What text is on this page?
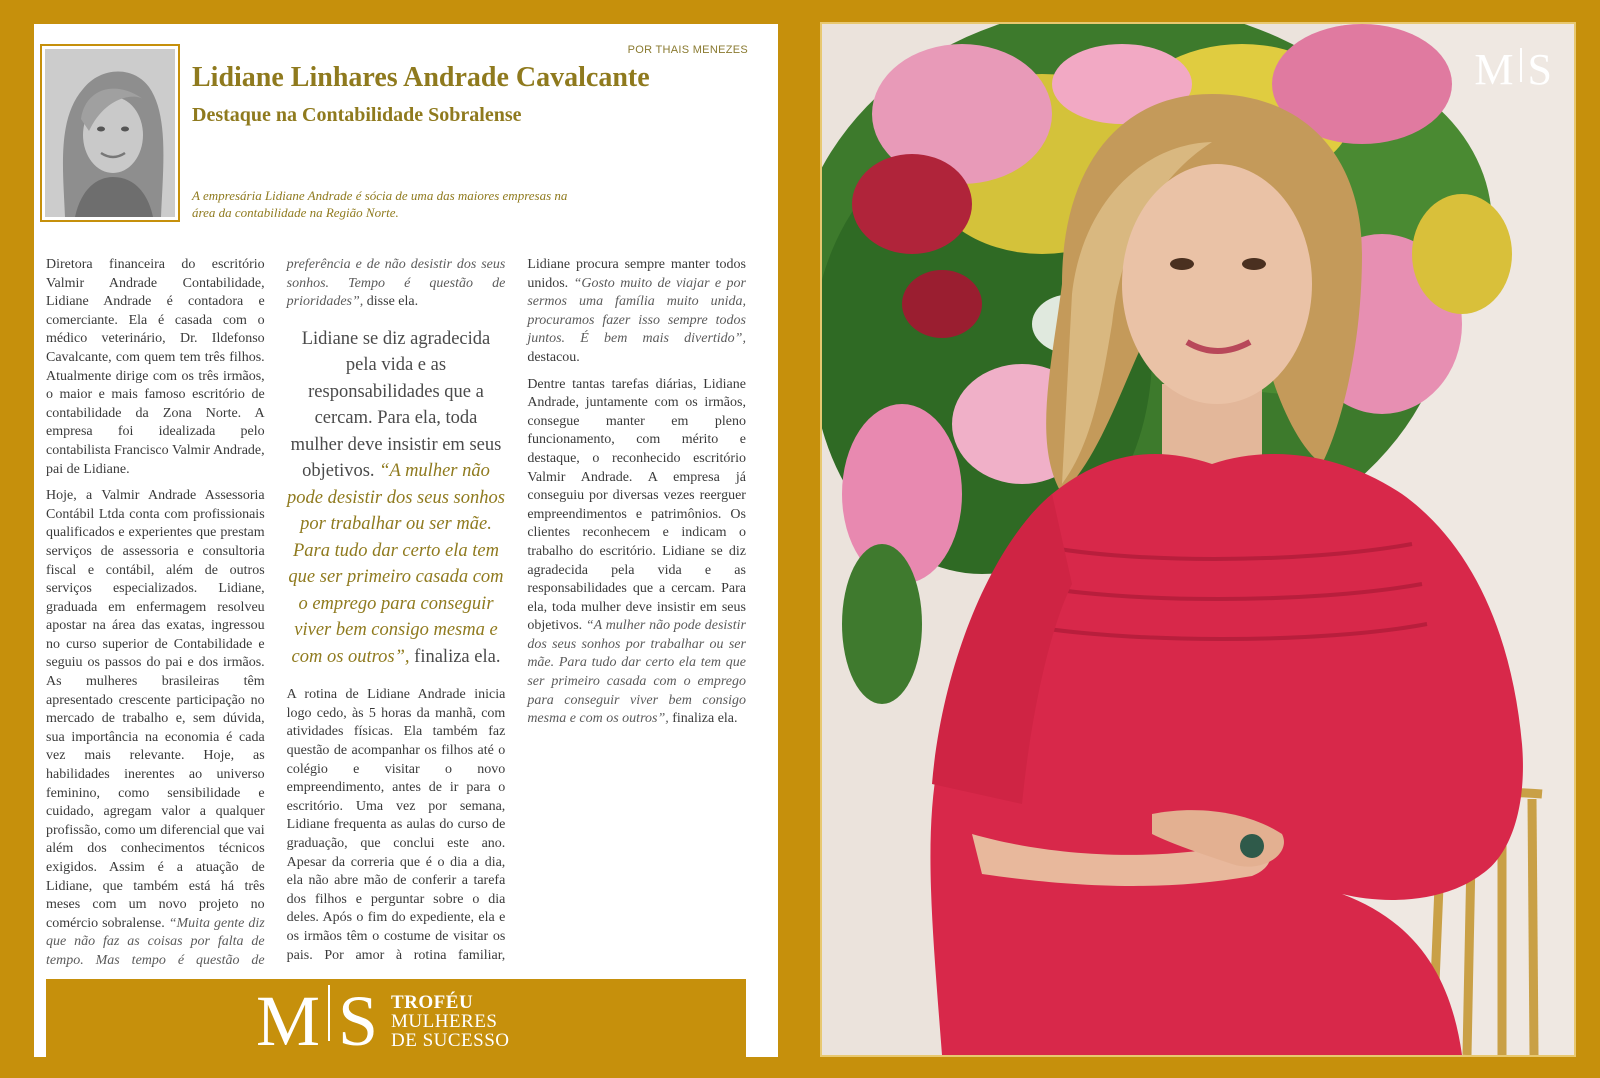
POR THAIS MENEZES
Lidiane Linhares Andrade Cavalcante
Destaque na Contabilidade Sobralense

A empresária Lidiane Andrade é sócia de uma das maiores empresas na área da contabilidade na Região Norte.

Diretora financeira do escritório Valmir Andrade Contabilidade, Lidiane Andrade é contadora e comerciante. Ela é casada com o médico veterinário, Dr. Ildefonso Cavalcante, com quem tem três filhos. Atualmente dirige com os três irmãos, o maior e mais famoso escritório de contabilidade da Zona Norte. A empresa foi idealizada pelo contabilista Francisco Valmir Andrade, pai de Lidiane.

Hoje, a Valmir Andrade Assessoria Contábil Ltda conta com profissionais qualificados e experientes que prestam serviços de assessoria e consultoria fiscal e contábil, além de outros serviços especializados. Lidiane, graduada em enfermagem resolveu apostar na área das exatas, ingressou no curso superior de Contabilidade e seguiu os passos do pai e dos irmãos. As mulheres brasileiras têm apresentado crescente participação no mercado de trabalho e, sem dúvida, sua importância na economia é cada vez mais relevante. Hoje, as habilidades inerentes ao universo feminino, como sensibilidade e cuidado, agregam valor a qualquer profissão, como um diferencial que vai além dos conhecimentos técnicos exigidos. Assim é a atuação de Lidiane, que também está há três meses com um novo projeto no comércio sobralense. “Muita gente diz que não faz as coisas por falta de tempo. Mas tempo é questão de preferência e de não desistir dos seus sonhos. Tempo é questão de prioridades”, disse ela.

Lidiane se diz agradecida pela vida e as responsabilidades que a cercam. Para ela, toda mulher deve insistir em seus objetivos. “A mulher não pode desistir dos seus sonhos por trabalhar ou ser mãe. Para tudo dar certo ela tem que ser primeiro casada com o emprego para conseguir viver bem consigo mesma e com os outros”, finaliza ela.

A rotina de Lidiane Andrade inicia logo cedo, às 5 horas da manhã, com atividades físicas. Ela também faz questão de acompanhar os filhos até o colégio e visitar o novo empreendimento, antes de ir para o escritório. Uma vez por semana, Lidiane frequenta as aulas do curso de graduação, que conclui este ano. Apesar da correria que é o dia a dia, ela não abre mão de conferir a tarefa dos filhos e perguntar sobre o dia deles. Após o fim do expediente, ela e os irmãos têm o costume de visitar os pais. Por amor à rotina familiar, Lidiane procura sempre manter todos unidos. “Gosto muito de viajar e por sermos uma família muito unida, procuramos fazer isso sempre todos juntos. É bem mais divertido”, destacou.

Dentre tantas tarefas diárias, Lidiane Andrade, juntamente com os irmãos, consegue manter em pleno funcionamento, com mérito e destaque, o reconhecido escritório Valmir Andrade. A empresa já conseguiu por diversas vezes reerguer empreendimentos e patrimônios. Os clientes reconhecem e indicam o trabalho do escritório. Lidiane se diz agradecida pela vida e as responsabilidades que a cercam. Para ela, toda mulher deve insistir em seus objetivos. “A mulher não pode desistir dos seus sonhos por trabalhar ou ser mãe. Para tudo dar certo ela tem que ser primeiro casada com o emprego para conseguir viver bem consigo mesma e com os outros”, finaliza ela.

M S TROFÉU
MULHERES
DE SUCESSO
M S
